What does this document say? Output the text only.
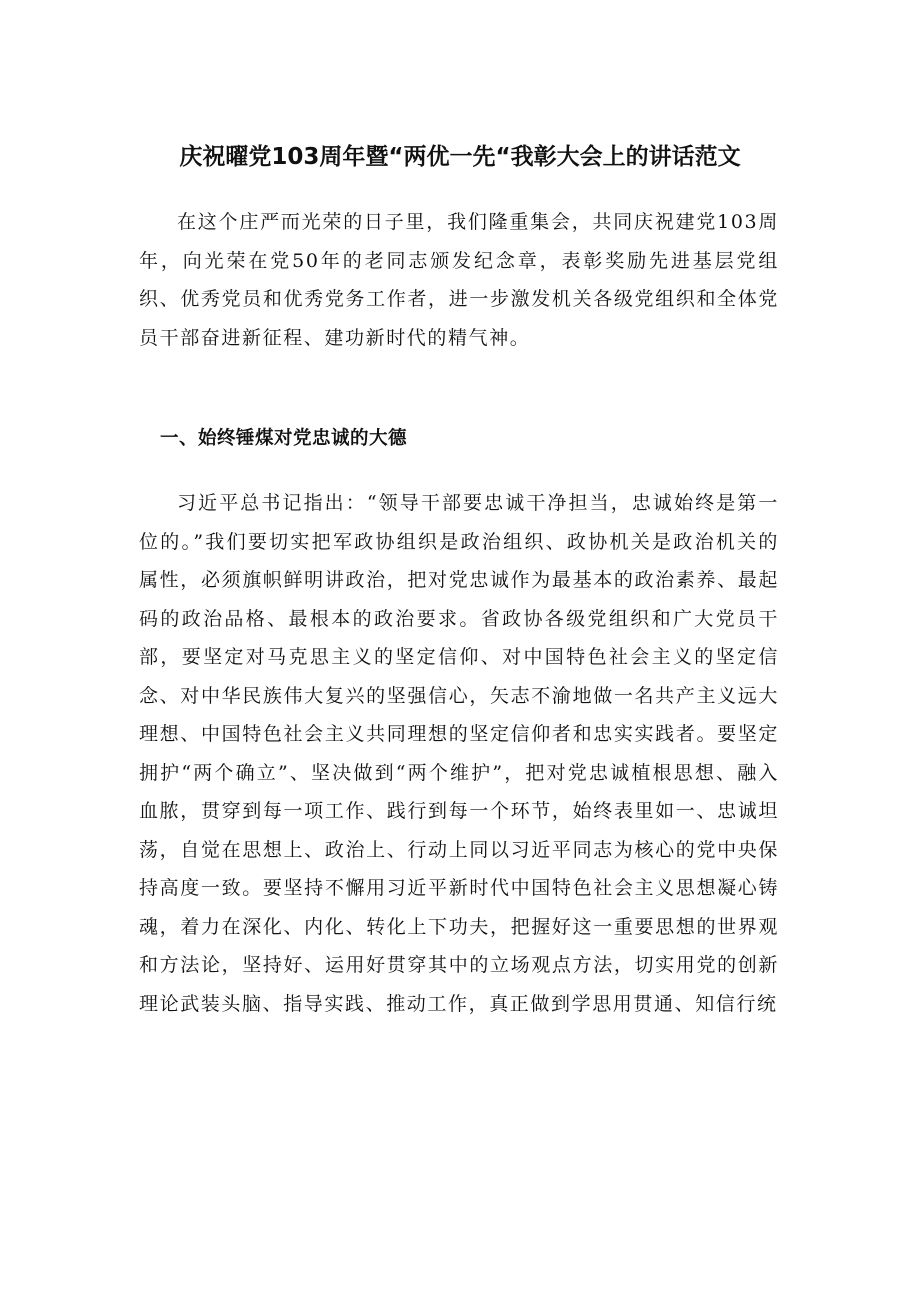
庆祝曜党103周年暨“两优一先“我彰大会上的讲话范文
在这个庄严而光荣的日子里，我们隆重集会，共同庆祝建党103周年，向光荣在党50年的老同志颁发纪念章，表彰奖励先进基层党组织、优秀党员和优秀党务工作者，进一步激发机关各级党组织和全体党员干部奋进新征程、建功新时代的精气神。
一、始终锤煤对党忠诚的大德
习近平总书记指出：“领导干部要忠诚干净担当，忠诚始终是第一位的。”我们要切实把军政协组织是政治组织、政协机关是政治机关的属性，必须旗帜鲜明讲政治，把对党忠诚作为最基本的政治素养、最起码的政治品格、最根本的政治要求。省政协各级党组织和广大党员干部，要坚定对马克思主义的坚定信仰、对中国特色社会主义的坚定信念、对中华民族伟大复兴的坚强信心，矢志不渝地做一名共产主义远大理想、中国特色社会主义共同理想的坚定信仰者和忠实实践者。要坚定拥护“两个确立”、坚决做到“两个维护”，把对党忠诚植根思想、融入血脓，贯穿到每一项工作、践行到每一个环节，始终表里如一、忠诚坦荡，自觉在思想上、政治上、行动上同以习近平同志为核心的党中央保持高度一致。要坚持不懈用习近平新时代中国特色社会主义思想凝心铸魂，着力在深化、内化、转化上下功夫，把握好这一重要思想的世界观和方法论，坚持好、运用好贯穿其中的立场观点方法，切实用党的创新理论武装头脑、指导实践、推动工作，真正做到学思用贯通、知信行统
